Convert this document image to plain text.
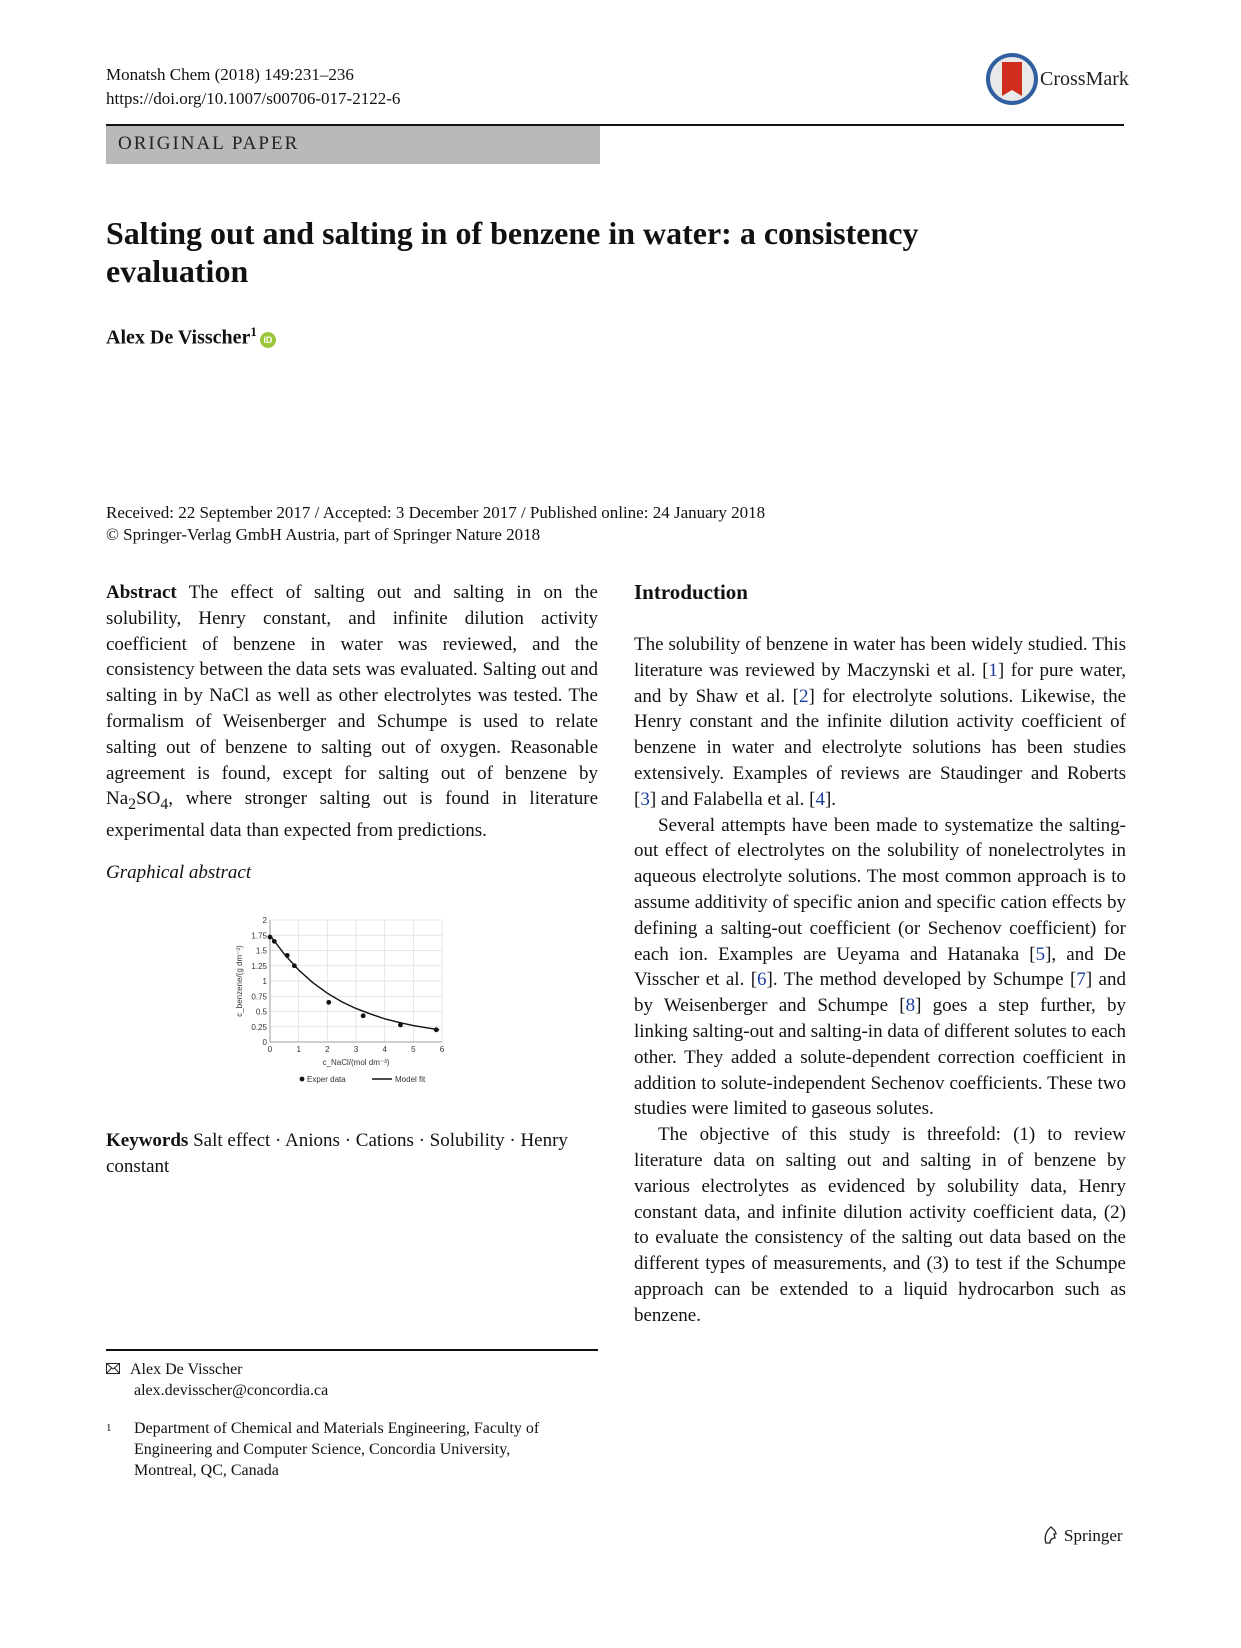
Monatsh Chem (2018) 149:231–236
https://doi.org/10.1007/s00706-017-2122-6
CrossMark
ORIGINAL PAPER
Salting out and salting in of benzene in water: a consistency evaluation
Alex De Visscher$^1$iD
Received: 22 September 2017 / Accepted: 3 December 2017 / Published online: 24 January 2018
© Springer-Verlag GmbH Austria, part of Springer Nature 2018
Abstract The effect of salting out and salting in on the solubility, Henry constant, and infinite dilution activity coefficient of benzene in water was reviewed, and the consistency between the data sets was evaluated. Salting out and salting in by NaCl as well as other electrolytes was tested. The formalism of Weisenberger and Schumpe is used to relate salting out of benzene to salting out of oxygen. Reasonable agreement is found, except for salting out of benzene by $Na_2SO_4$, where stronger salting out is found in literature experimental data than expected from predictions.
Graphical abstract
0	1	2	3	4	5	6
0
0.25
0.5
0.75
1
1.25
1.5
1.75
2
c_NaCl/(mol dm⁻³)
c_benzene/(g dm⁻³)
Exper data	Model fit
Keywords Salt effect · Anions · Cations · Solubility · Henry constant
Alex De Visscher
alex.devisscher@concordia.ca
1 Department of Chemical and Materials Engineering, Faculty of Engineering and Computer Science, Concordia University, Montreal, QC, Canada
Introduction

The solubility of benzene in water has been widely studied. This literature was reviewed by Maczynski et al. [1] for pure water, and by Shaw et al. [2] for electrolyte solutions. Likewise, the Henry constant and the infinite dilution activity coefficient of benzene in water and electrolyte solutions has been studies extensively. Examples of reviews are Staudinger and Roberts [3] and Falabella et al. [4].

Several attempts have been made to systematize the salting-out effect of electrolytes on the solubility of nonelectrolytes in aqueous electrolyte solutions. The most common approach is to assume additivity of specific anion and specific cation effects by defining a salting-out coefficient (or Sechenov coefficient) for each ion. Examples are Ueyama and Hatanaka [5], and De Visscher et al. [6]. The method developed by Schumpe [7] and by Weisenberger and Schumpe [8] goes a step further, by linking salting-out and salting-in data of different solutes to each other. They added a solute-dependent correction coefficient in addition to solute-independent Sechenov coefficients. These two studies were limited to gaseous solutes.

The objective of this study is threefold: (1) to review literature data on salting out and salting in of benzene by various electrolytes as evidenced by solubility data, Henry constant data, and infinite dilution activity coefficient data, (2) to evaluate the consistency of the salting out data based on the different types of measurements, and (3) to test if the Schumpe approach can be extended to a liquid hydrocarbon such as benzene.

Springer
